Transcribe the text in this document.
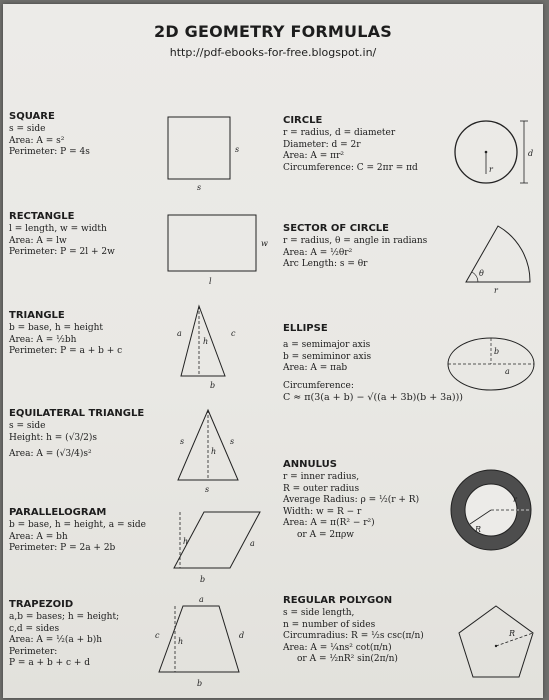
2D GEOMETRY FORMULAS
http://pdf-ebooks-for-free.blogspot.in/
SQUARE
s = side
Area: A = s²
Perimeter: P = 4s
RECTANGLE
l = length, w = width
Area: A = lw
Perimeter: P = 2l + 2w
TRIANGLE
b = base, h = height
Area: A = ½bh
Perimeter: P = a + b + c
EQUILATERAL TRIANGLE
s = side
Height: h = (√3/2)s
Area: A = (√3/4)s²
PARALLELOGRAM
b = base, h = height, a = side
Area: A = bh
Perimeter: P = 2a + 2b
TRAPEZOID
a,b = bases; h = height;
c,d = sides
Area: A = ½(a + b)h
Perimeter:
P = a + b + c + d
CIRCLE
r = radius, d = diameter
Diameter: d = 2r
Area: A = πr²
Circumference: C = 2πr = πd
SECTOR OF CIRCLE
r = radius, θ = angle in radians
Area: A = ½θr²
Arc Length: s = θr
ELLIPSE
a = semimajor axis
b = semiminor axis
Area: A = πab
Circumference:
C ≈ π(3(a + b) − √((a + 3b)(b + 3a)))
ANNULUS
r = inner radius,
R = outer radius
Average Radius: ρ = ½(r + R)
Width: w = R − r
Area: A = π(R² − r²)
or A = 2πρw
REGULAR POLYGON
s = side length,
n = number of sides
Circumradius: R = ½s csc(π/n)
Area: A = ¼ns² cot(π/n)
or A = ½nR² sin(2π/n)
s
s
w
l
a	c
h
b
s	s
h
s
h	a
b
a
c
h
d
b
r
d
θ
r
b
a
r
R
R
